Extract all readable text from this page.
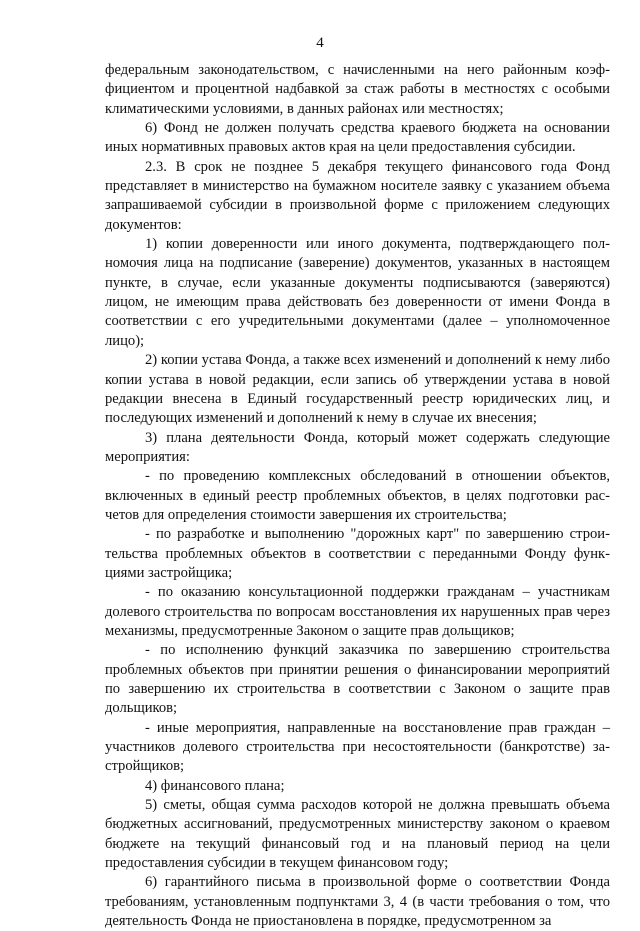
4

федеральным законодательством, с начисленными на него районным коэффициентом и процентной надбавкой за стаж работы в местностях с особыми климатическими условиями, в данных районах или местностях;

6) Фонд не должен получать средства краевого бюджета на основании иных нормативных правовых актов края на цели предоставления субсидии.

2.3. В срок не позднее 5 декабря текущего финансового года Фонд представляет в министерство на бумажном носителе заявку с указанием объема запрашиваемой субсидии в произвольной форме с приложением следующих документов:

1) копии доверенности или иного документа, подтверждающего полномочия лица на подписание (заверение) документов, указанных в настоящем пункте, в случае, если указанные документы подписываются (заверяются) лицом, не имеющим права действовать без доверенности от имени Фонда в соответствии с его учредительными документами (далее – уполномоченное лицо);

2) копии устава Фонда, а также всех изменений и дополнений к нему либо копии устава в новой редакции, если запись об утверждении устава в новой редакции внесена в Единый государственный реестр юридических лиц, и последующих изменений и дополнений к нему в случае их внесения;

3) плана деятельности Фонда, который может содержать следующие мероприятия:

- по проведению комплексных обследований в отношении объектов, включенных в единый реестр проблемных объектов, в целях подготовки расчетов для определения стоимости завершения их строительства;

- по разработке и выполнению "дорожных карт" по завершению строительства проблемных объектов в соответствии с переданными Фонду функциями застройщика;

- по оказанию консультационной поддержки гражданам – участникам долевого строительства по вопросам восстановления их нарушенных прав через механизмы, предусмотренные Законом о защите прав дольщиков;

- по исполнению функций заказчика по завершению строительства проблемных объектов при принятии решения о финансировании мероприятий по завершению их строительства в соответствии с Законом о защите прав дольщиков;

- иные мероприятия, направленные на восстановление прав граждан – участников долевого строительства при несостоятельности (банкротстве) застройщиков;

4) финансового плана;

5) сметы, общая сумма расходов которой не должна превышать объема бюджетных ассигнований, предусмотренных министерству законом о краевом бюджете на текущий финансовый год и на плановый период на цели предоставления субсидии в текущем финансовом году;

6) гарантийного письма в произвольной форме о соответствии Фонда требованиям, установленным подпунктами 3, 4 (в части требования о том, что деятельность Фонда не приостановлена в порядке, предусмотренном за
